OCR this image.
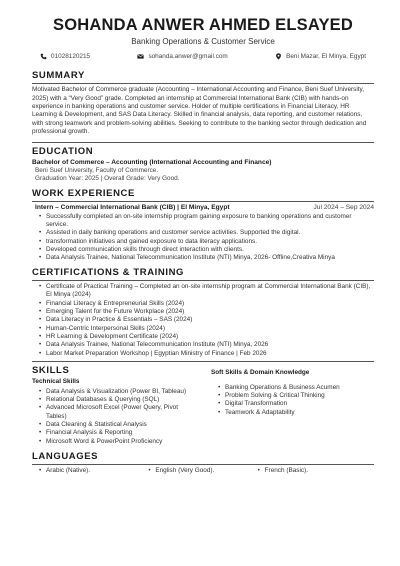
SOHANDA ANWER AHMED ELSAYED
Banking Operations & Customer Service
01028120215	sohanda.anwer@gmail.com	Beni Mazar, El Minya, Egypt
SUMMARY
Motivated Bachelor of Commerce graduate (Accounting – International Accounting and Finance, Beni Suef University, 2025) with a “Very Good” grade. Completed an internship at Commercial International Bank (CIB) with hands-on experience in banking operations and customer service. Holder of multiple certifications in Financial Literacy, HR Learning & Development, and SAS Data Literacy. Skilled in financial analysis, data reporting, and customer relations, with strong teamwork and problem-solving abilities. Seeking to contribute to the banking sector through dedication and professional growth.
EDUCATION
Bachelor of Commerce – Accounting (International Accounting and Finance)
Beni Suef University, Faculty of Commerce.
Graduation Year: 2025 | Overall Grade: Very Good.
WORK EXPERIENCE
Intern – Commercial International Bank (CIB) | El Minya, Egypt	Jul 2024 – Sep 2024
• Successfully completed an on-site internship program gaining exposure to banking operations and customer service.
• Assisted in daily banking operations and customer service activities. Supported the digital.
• transformation initiatives and gained exposure to data literacy applications.
• Developed communication skills through direct interaction with clients.
• Data Analysis Trainee, National Telecommunication Institute (NTI) Minya, 2026- Offline,Creativa Minya
CERTIFICATIONS & TRAINING
• Certificate of Practical Training – Completed an on-site internship program at Commercial International Bank (CIB), El Minya (2024)
• Financial Literacy & Entrepreneurial Skills (2024)
• Emerging Talent for the Future Workplace (2024)
• Data Literacy in Practice & Essentials – SAS (2024)
• Human-Centric Interpersonal Skills (2024)
• HR Learning & Development Certificate (2024)
• Data Analysis Trainee, National Telecommunication Institute (NTI) Minya, 2026
• Labor Market Preparation Workshop | Egyptian Ministry of Finance | Feb 2026
SKILLS
Technical Skills
• Data Analysis & Visualization (Power BI, Tableau)
• Relational Databases & Querying (SQL)
• Advanced Microsoft Excel (Power Query, Pivot Tables)
• Data Cleaning & Statistical Analysis
• Financial Analysis & Reporting
• Microsoft Word & PowerPoint Proficiency
Soft Skills & Domain Knowledge
• Banking Operations & Business Acumen
• Problem Solving & Critical Thinking
• Digital Transformation
• Teamwork & Adaptability
LANGUAGES
• Arabic (Native).	• English (Very Good).	• French (Basic).
